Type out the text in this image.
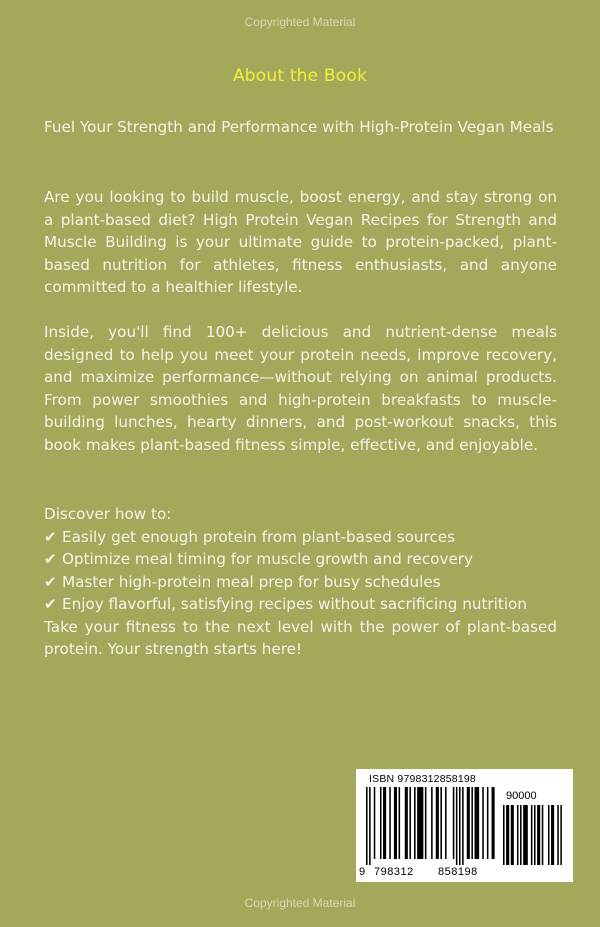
Copyrighted Material
About the Book

Fuel Your Strength and Performance with High-Protein Vegan Meals

Are you looking to build muscle, boost energy, and stay strong on a plant-based diet? High Protein Vegan Recipes for Strength and Muscle Building is your ultimate guide to protein-packed, plant-based nutrition for athletes, fitness enthusiasts, and anyone committed to a healthier lifestyle.

Inside, you'll find 100+ delicious and nutrient-dense meals designed to help you meet your protein needs, improve recovery, and maximize performance—without relying on animal products. From power smoothies and high-protein breakfasts to muscle-building lunches, hearty dinners, and post-workout snacks, this book makes plant-based fitness simple, effective, and enjoyable.

Discover how to:
✔ Easily get enough protein from plant-based sources
✔ Optimize meal timing for muscle growth and recovery
✔ Master high-protein meal prep for busy schedules
✔ Enjoy flavorful, satisfying recipes without sacrificing nutrition

Take your fitness to the next level with the power of plant-based protein. Your strength starts here!

ISBN 9798312858198
90000
9 798312 858198
Copyrighted Material
